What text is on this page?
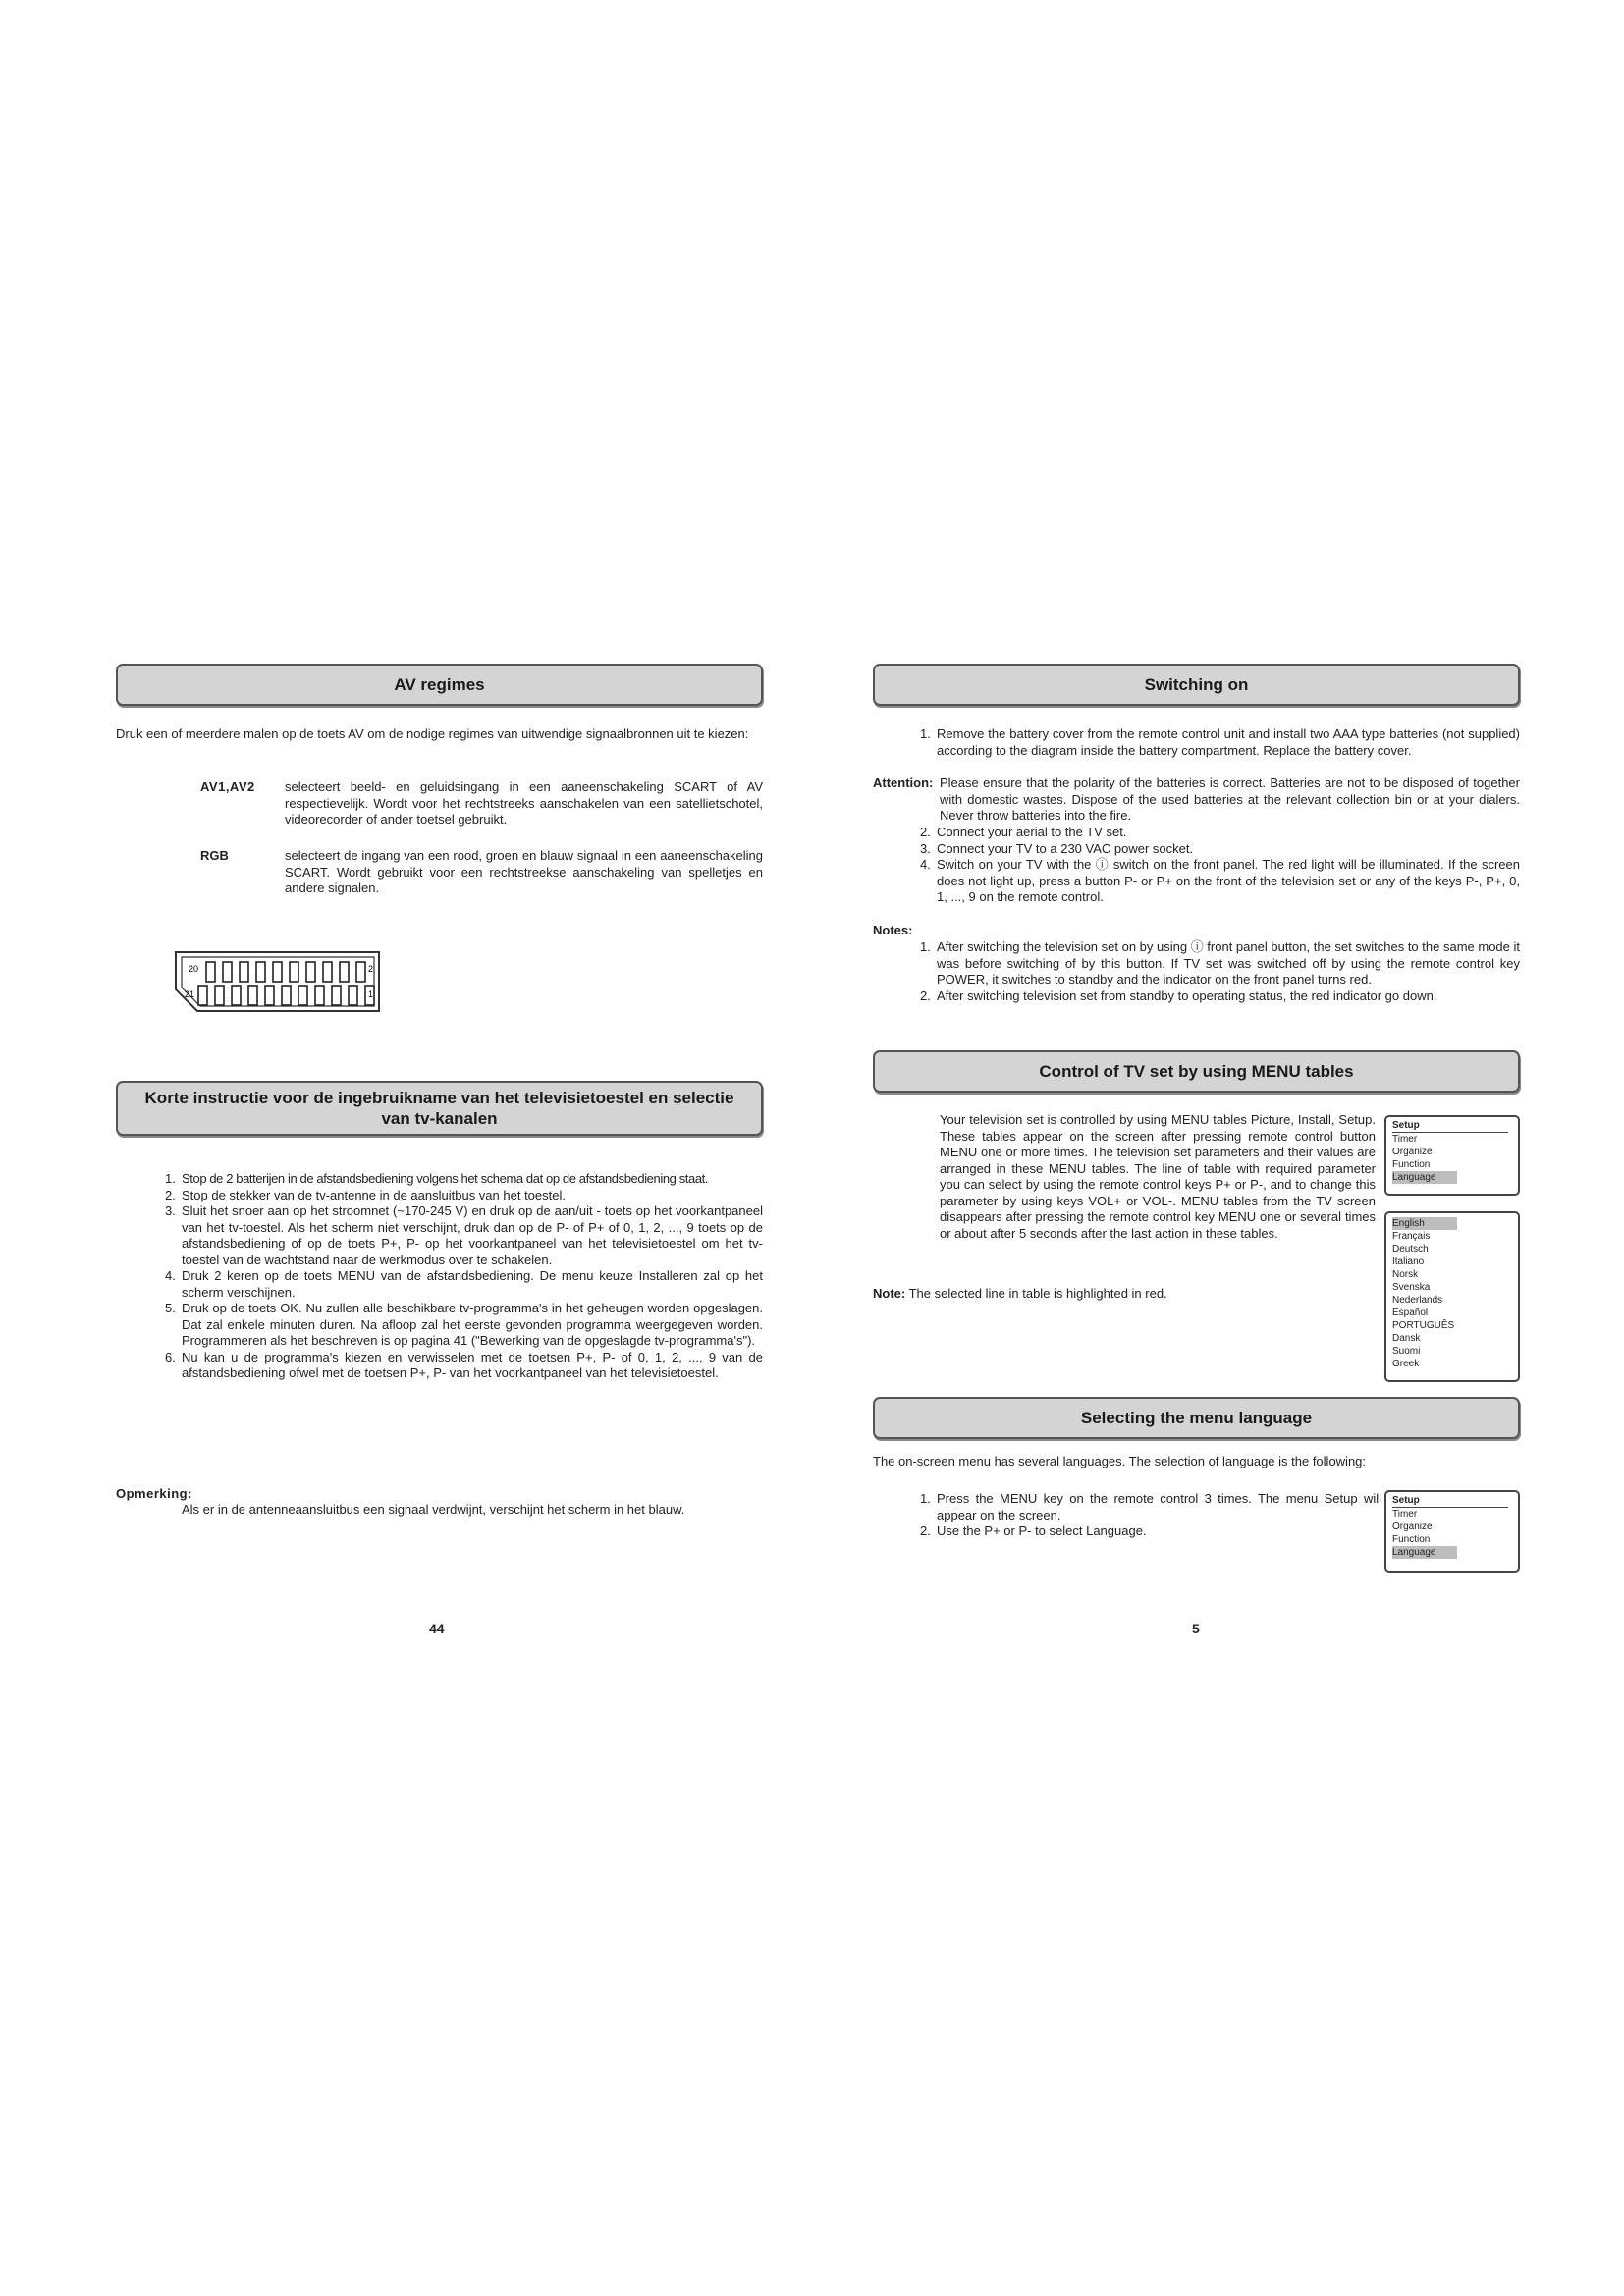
AV regimes
Druk een of meerdere malen op de toets AV om de nodige regimes van uitwendige signaalbronnen uit te kiezen:
AV1,AV2 selecteert beeld- en geluidsingang in een aaneenschakeling SCART of AV respectievelijk. Wordt voor het rechtstreeks aanschakelen van een satellietschotel, videorecorder of ander toetsel gebruikt.
RGB	selecteert de ingang van een rood, groen en blauw signaal in een aaneenschakeling SCART. Wordt gebruikt voor een rechtstreekse aanschakeling van spelletjes en andere signalen.
20	2
21	1
Korte instructie voor de ingebruikname van het televisietoestel en selectie van tv-kanalen
1. Stop de 2 batterijen in de afstandsbediening volgens het schema dat op de afstandsbediening staat.
2. Stop de stekker van de tv-antenne in de aansluitbus van het toestel.
3. Sluit het snoer aan op het stroomnet (~170-245 V) en druk op de aan/uit - toets op het voorkantpaneel van het tv-toestel. Als het scherm niet verschijnt, druk dan op de P- of P+ of 0, 1, 2, ..., 9 toets op de afstandsbediening of op de toets P+, P- op het voorkantpaneel van het televisietoestel om het tv-toestel van de wachtstand naar de werkmodus over te schakelen.
4. Druk 2 keren op de toets MENU van de afstandsbediening. De menu keuze Installeren zal op het scherm verschijnen.
5. Druk op de toets OK. Nu zullen alle beschikbare tv-programma's in het geheugen worden opgeslagen. Dat zal enkele minuten duren. Na afloop zal het eerste gevonden programma weergegeven worden. Programmeren als het beschreven is op pagina 41 ("Bewerking van de opgeslagde tv-programma's").
6. Nu kan u de programma's kiezen en verwisselen met de toetsen P+, P- of 0, 1, 2, ..., 9 van de afstandsbediening ofwel met de toetsen P+, P- van het voorkantpaneel van het televisietoestel.
Opmerking:
Als er in de antenneaansluitbus een signaal verdwijnt, verschijnt het scherm in het blauw.
44
Switching on
1. Remove the battery cover from the remote control unit and install two AAA type batteries (not supplied) according to the diagram inside the battery compartment. Replace the battery cover.
Attention: Please ensure that the polarity of the batteries is correct. Batteries are not to be disposed of together with domestic wastes. Dispose of the used batteries at the relevant collection bin or at your dialers. Never throw batteries into the fire.
2. Connect your aerial to the TV set.
3. Connect your TV to a 230 VAC power socket.
4. Switch on your TV with the ⓘ switch on the front panel. The red light will be illuminated. If the screen does not light up, press a button P- or P+ on the front of the television set or any of the keys P-, P+, 0, 1, ..., 9 on the remote control.
Notes:
1. After switching the television set on by using ⓘ front panel button, the set switches to the same mode it was before switching of by this button. If TV set was switched off by using the remote control key POWER, it switches to standby and the indicator on the front panel turns red.
2. After switching television set from standby to operating status, the red indicator go down.
Control of TV set by using MENU tables
Your television set is controlled by using MENU tables Picture, Install, Setup. These tables appear on the screen after pressing remote control button MENU one or more times. The television set parameters and their values are arranged in these MENU tables. The line of table with required parameter you can select by using the remote control keys P+ or P-, and to change this parameter by using keys VOL+ or VOL-. MENU tables from the TV screen disappears after pressing the remote control key MENU one or several times or about after 5 seconds after the last action in these tables.
Note: The selected line in table is highlighted in red.
Setup
Timer
Organize
Function
Language
English
Français
Deutsch
Italiano
Norsk
Svenska
Nederlands
Español
PORTUGUÊS
Dansk
Suomi
Greek
Selecting the menu language
The on-screen menu has several languages. The selection of language is the following:
1. Press the MENU key on the remote control 3 times. The menu Setup will appear on the screen.
2. Use the P+ or P- to select Language.
Setup
Timer
Organize
Function
Language
5
